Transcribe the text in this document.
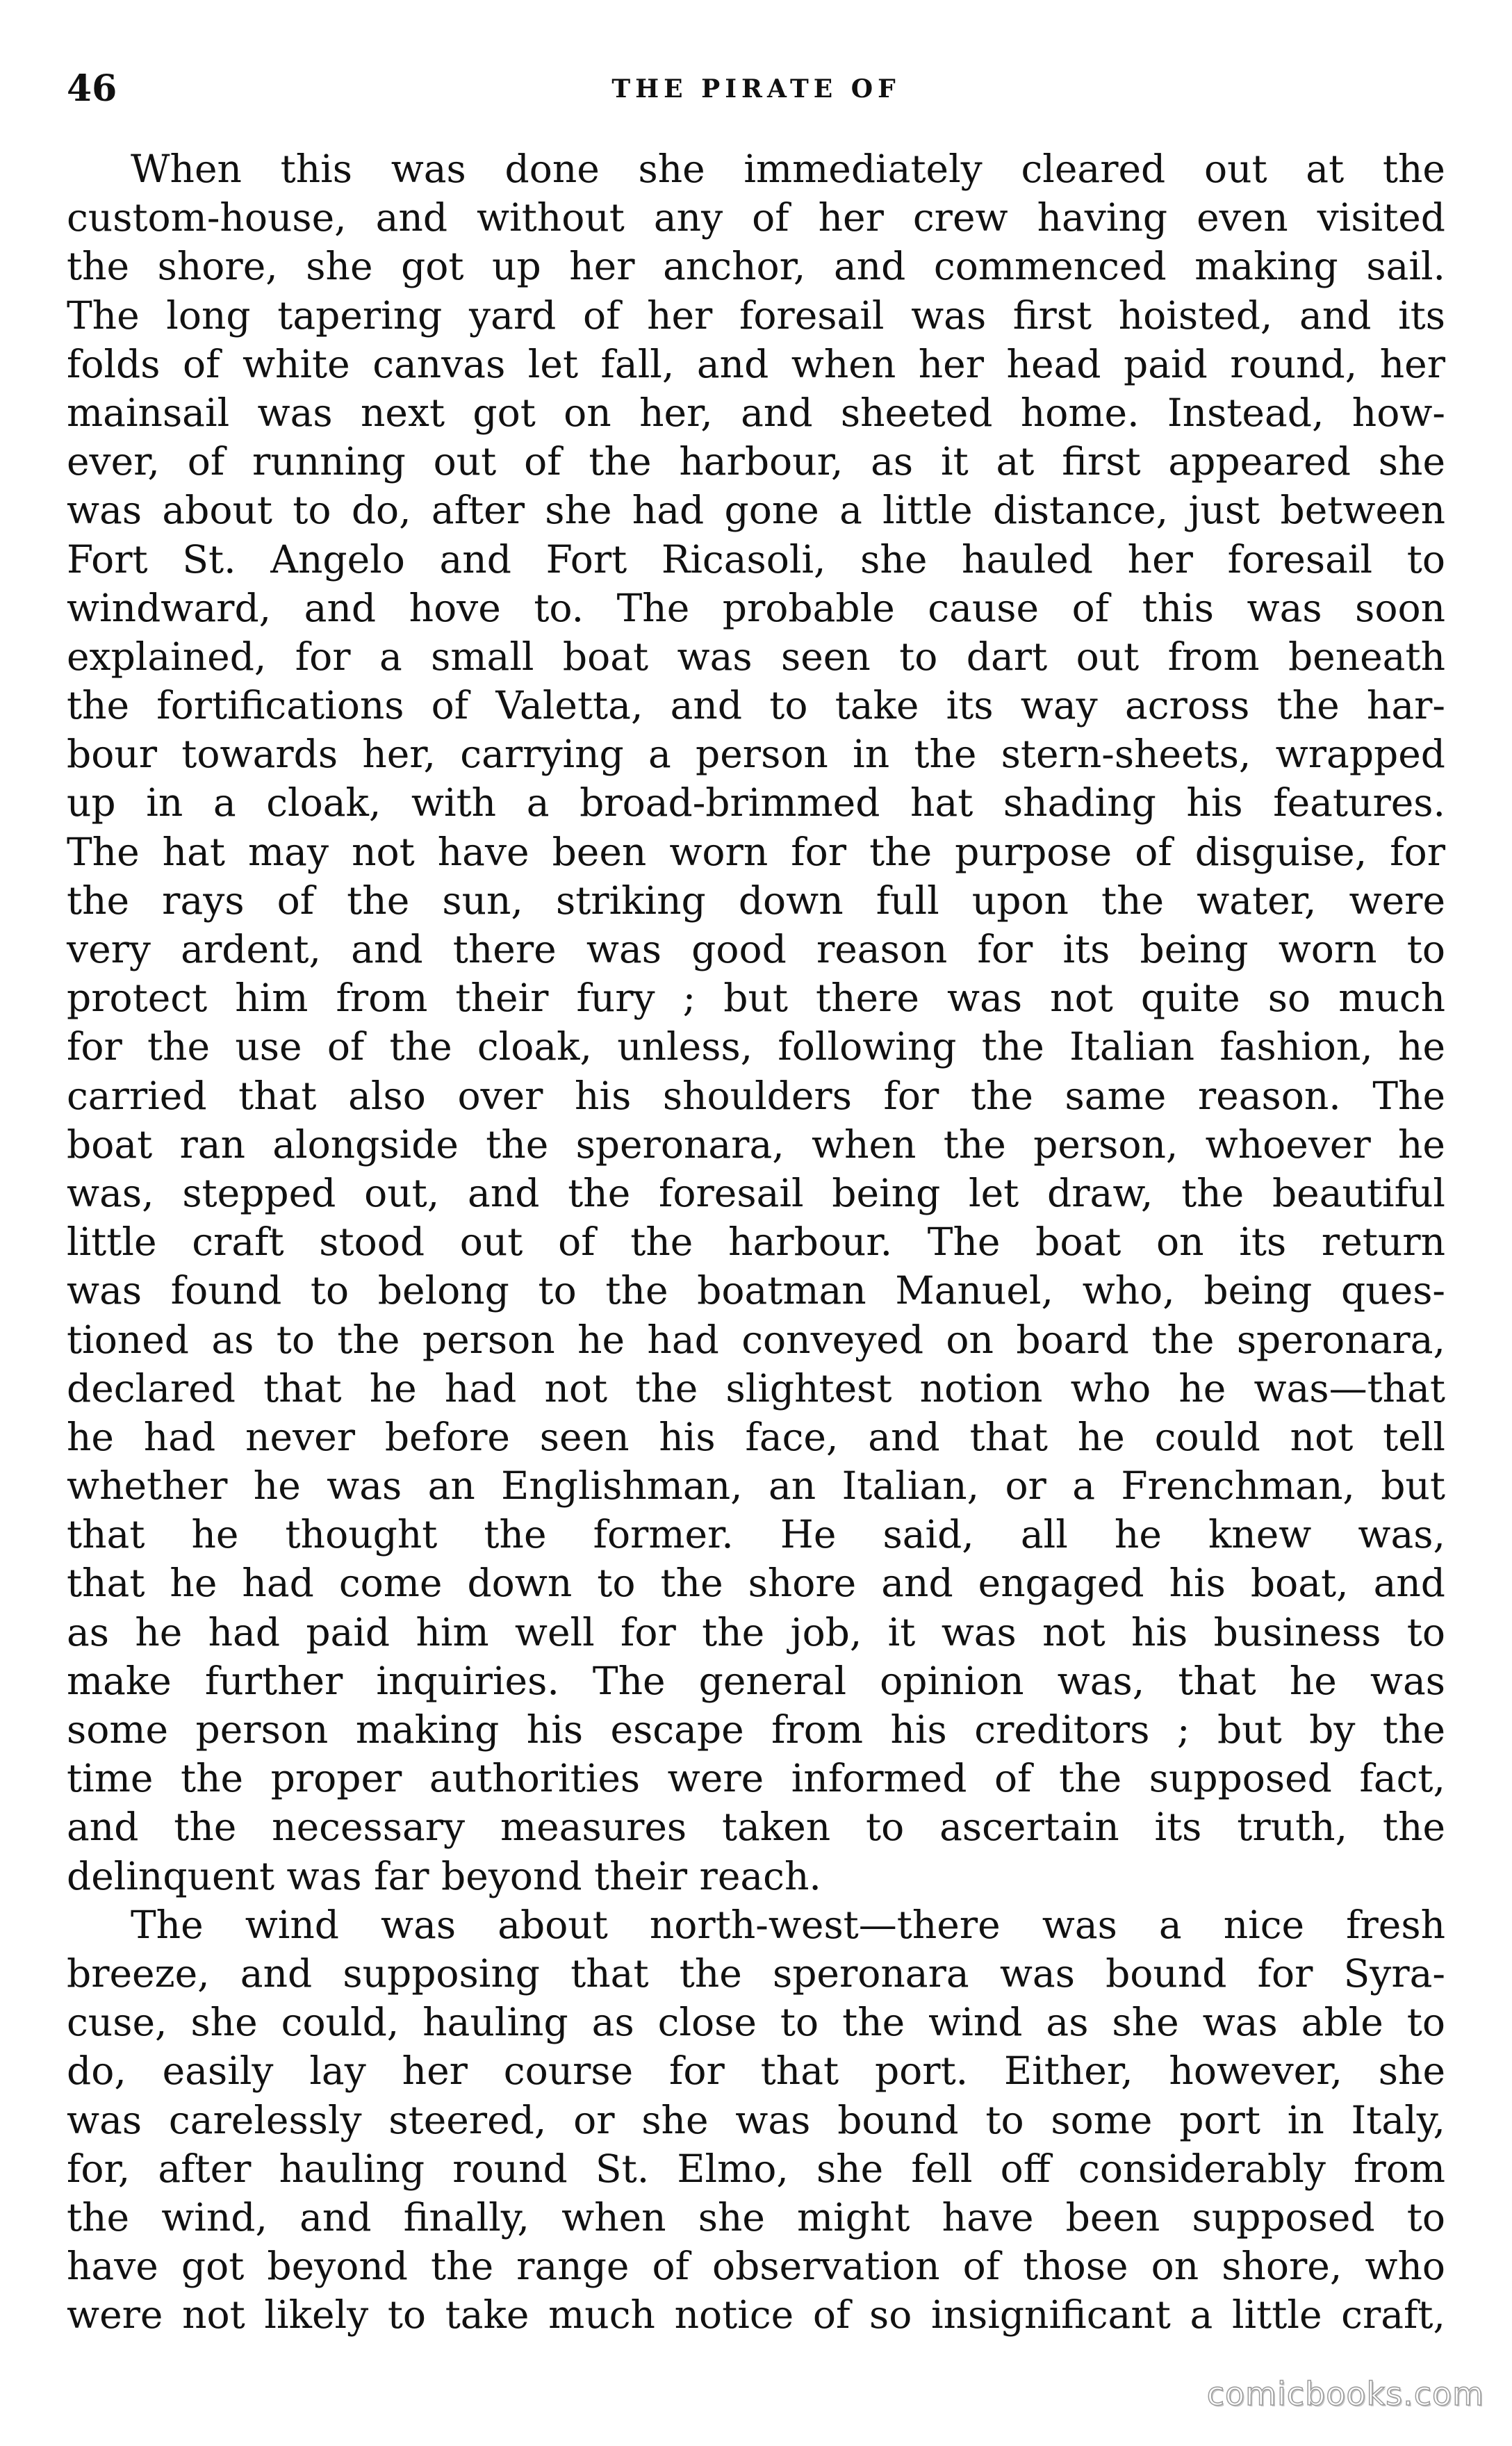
46	THE PIRATE OF
When this was done she immediately cleared out at the
custom-house, and without any of her crew having even visited
the shore, she got up her anchor, and commenced making sail.
The long tapering yard of her foresail was first hoisted, and its
folds of white canvas let fall, and when her head paid round, her
mainsail was next got on her, and sheeted home. Instead, how-
ever, of running out of the harbour, as it at first appeared she
was about to do, after she had gone a little distance, just between
Fort St. Angelo and Fort Ricasoli, she hauled her foresail to
windward, and hove to. The probable cause of this was soon
explained, for a small boat was seen to dart out from beneath
the fortifications of Valetta, and to take its way across the har-
bour towards her, carrying a person in the stern-sheets, wrapped
up in a cloak, with a broad-brimmed hat shading his features.
The hat may not have been worn for the purpose of disguise, for
the rays of the sun, striking down full upon the water, were
very ardent, and there was good reason for its being worn to
protect him from their fury ; but there was not quite so much
for the use of the cloak, unless, following the Italian fashion, he
carried that also over his shoulders for the same reason. The
boat ran alongside the speronara, when the person, whoever he
was, stepped out, and the foresail being let draw, the beautiful
little craft stood out of the harbour. The boat on its return
was found to belong to the boatman Manuel, who, being ques-
tioned as to the person he had conveyed on board the speronara,
declared that he had not the slightest notion who he was—that
he had never before seen his face, and that he could not tell
whether he was an Englishman, an Italian, or a Frenchman, but
that he thought the former. He said, all he knew was,
that he had come down to the shore and engaged his boat, and
as he had paid him well for the job, it was not his business to
make further inquiries. The general opinion was, that he was
some person making his escape from his creditors ; but by the
time the proper authorities were informed of the supposed fact,
and the necessary measures taken to ascertain its truth, the
delinquent was far beyond their reach.
The wind was about north-west—there was a nice fresh
breeze, and supposing that the speronara was bound for Syra-
cuse, she could, hauling as close to the wind as she was able to
do, easily lay her course for that port. Either, however, she
was carelessly steered, or she was bound to some port in Italy,
for, after hauling round St. Elmo, she fell off considerably from
the wind, and finally, when she might have been supposed to
have got beyond the range of observation of those on shore, who
were not likely to take much notice of so insignificant a little craft,
comicbooks.com
